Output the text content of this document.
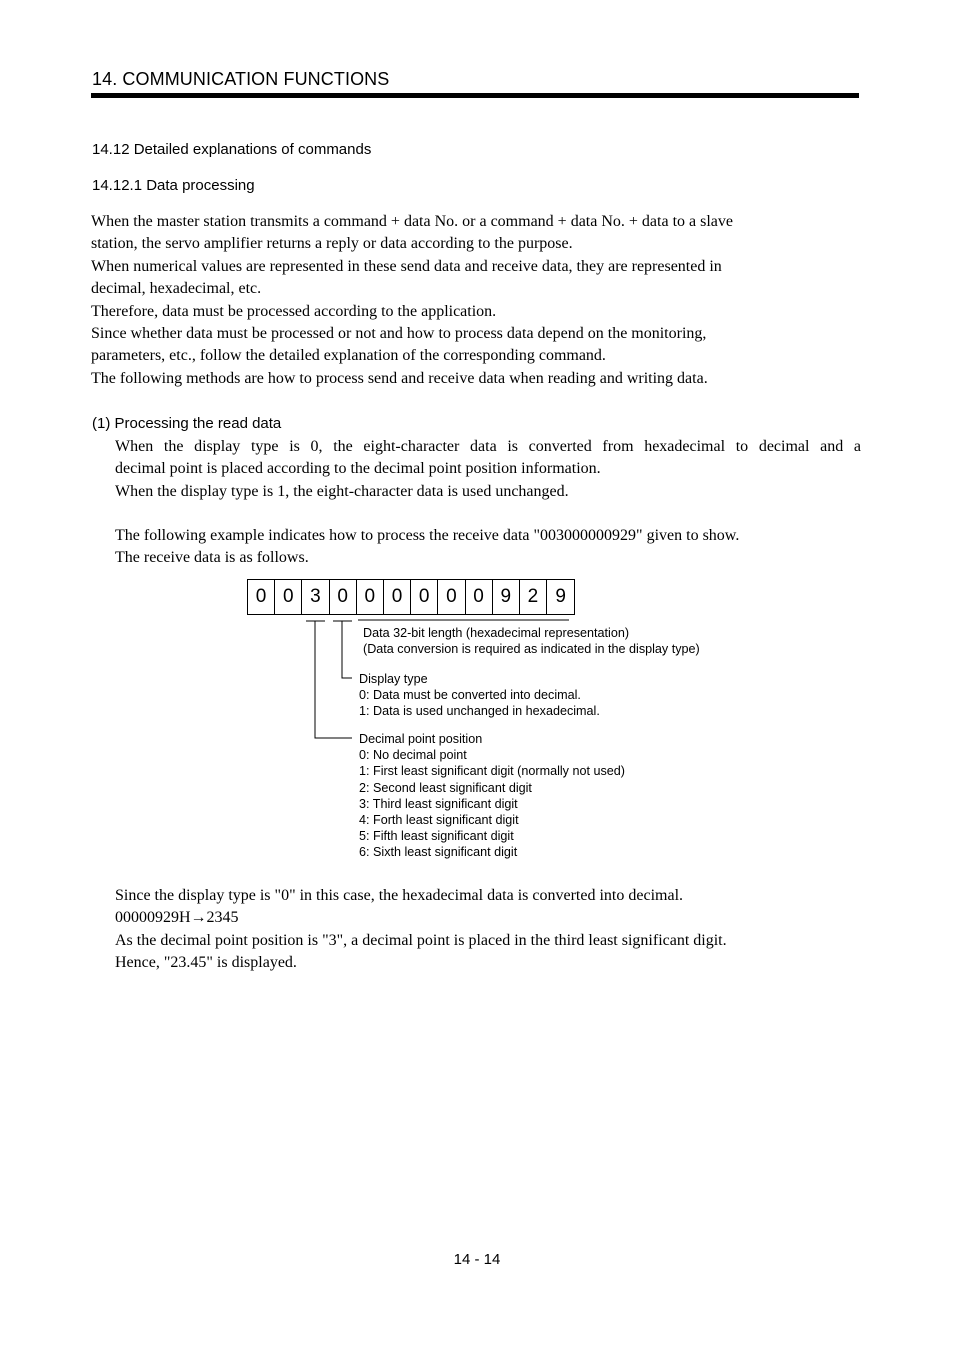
14. COMMUNICATION FUNCTIONS
14.12 Detailed explanations of commands
14.12.1 Data processing
When the master station transmits a command + data No. or a command + data No. + data to a slave
station, the servo amplifier returns a reply or data according to the purpose.
When numerical values are represented in these send data and receive data, they are represented in
decimal, hexadecimal, etc.
Therefore, data must be processed according to the application.
Since whether data must be processed or not and how to process data depend on the monitoring,
parameters, etc., follow the detailed explanation of the corresponding command.
The following methods are how to process send and receive data when reading and writing data.
(1) Processing the read data
When the display type is 0, the eight-character data is converted from hexadecimal to decimal and a
decimal point is placed according to the decimal point position information.
When the display type is 1, the eight-character data is used unchanged.
The following example indicates how to process the receive data "003000000929" given to show.
The receive data is as follows.
0 0 3 0 0 0 0 0 0 9 2 9
Data 32-bit length (hexadecimal representation)
(Data conversion is required as indicated in the display type)
Display type
0: Data must be converted into decimal.
1: Data is used unchanged in hexadecimal.
Decimal point position
0: No decimal point
1: First least significant digit (normally not used)
2: Second least significant digit
3: Third least significant digit
4: Forth least significant digit
5: Fifth least significant digit
6: Sixth least significant digit
Since the display type is "0" in this case, the hexadecimal data is converted into decimal.
00000929H→2345
As the decimal point position is "3", a decimal point is placed in the third least significant digit.
Hence, "23.45" is displayed.
14 - 14
